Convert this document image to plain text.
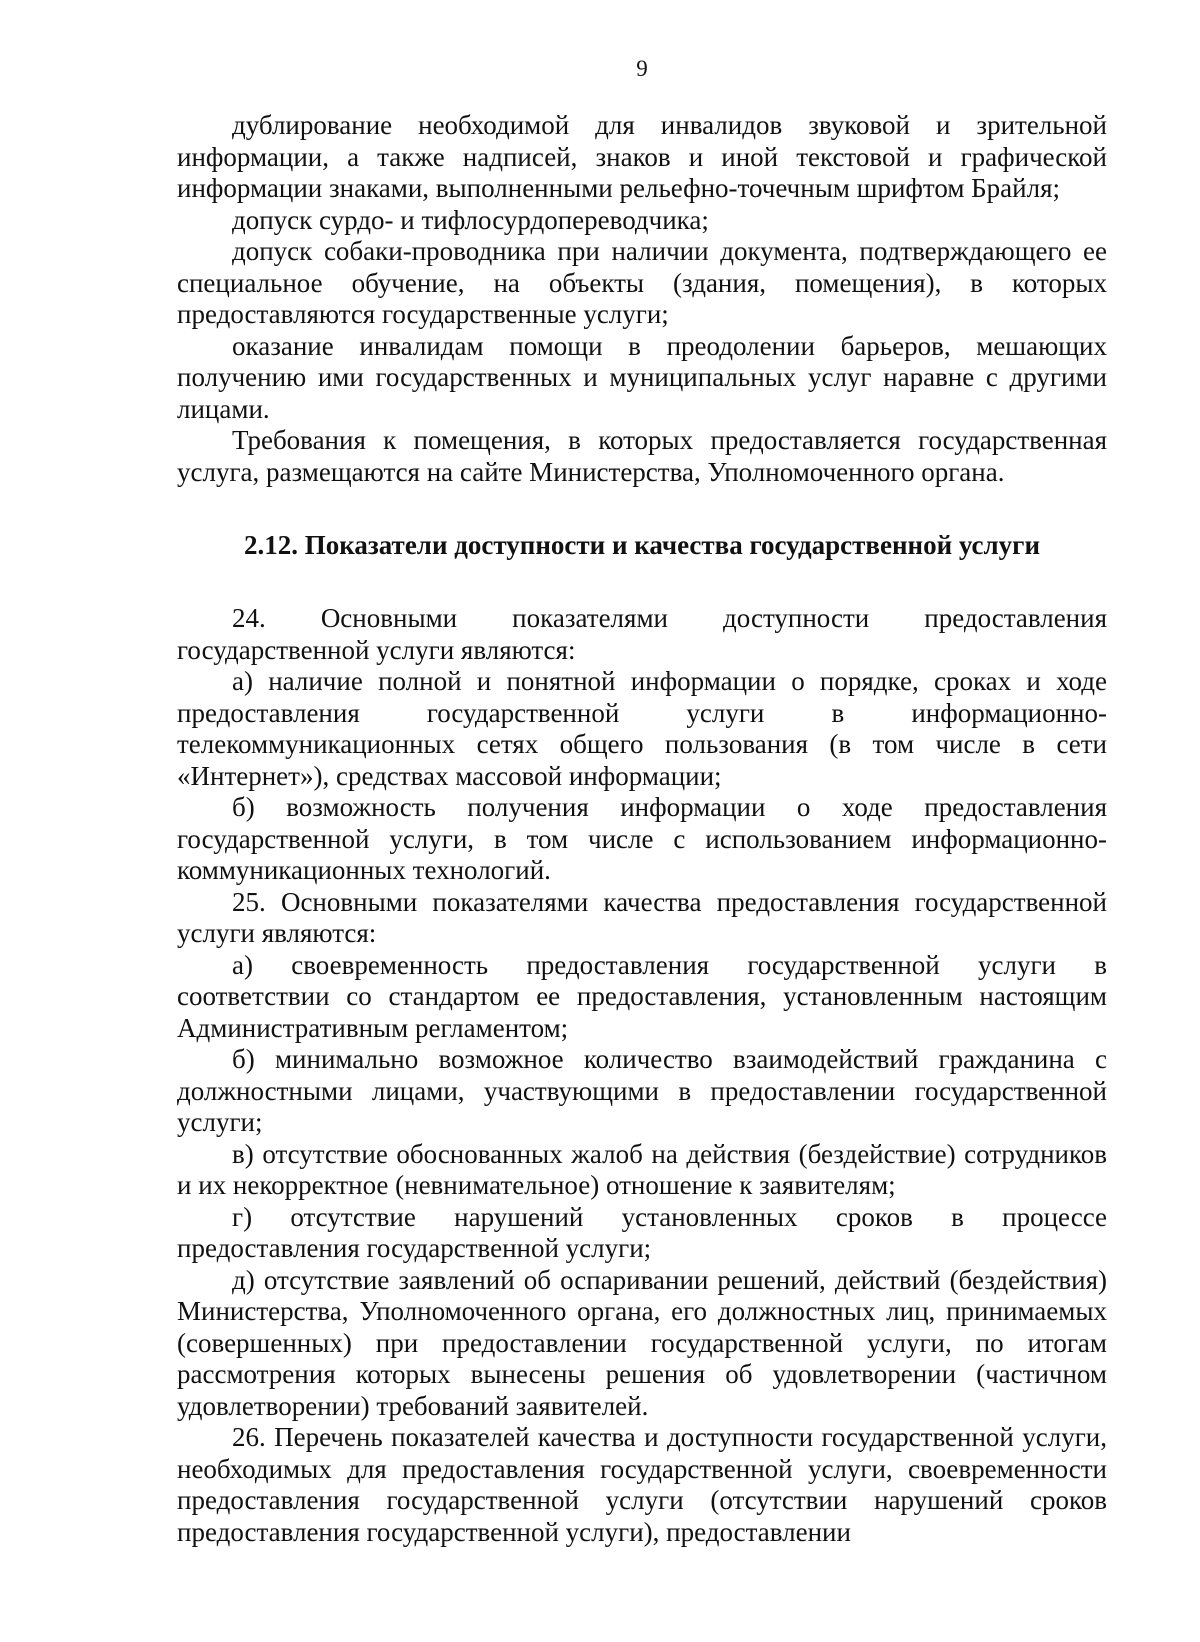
9

дублирование необходимой для инвалидов звуковой и зрительной информации, а также надписей, знаков и иной текстовой и графической информации знаками, выполненными рельефно-точечным шрифтом Брайля;

допуск сурдо- и тифлосурдопереводчика;

допуск собаки-проводника при наличии документа, подтверждающего ее специальное обучение, на объекты (здания, помещения), в которых предоставляются государственные услуги;

оказание инвалидам помощи в преодолении барьеров, мешающих получению ими государственных и муниципальных услуг наравне с другими лицами.

Требования к помещения, в которых предоставляется государственная услуга, размещаются на сайте Министерства, Уполномоченного органа.

2.12. Показатели доступности и качества государственной услуги

24. Основными показателями доступности предоставления государственной услуги являются:

а) наличие полной и понятной информации о порядке, сроках и ходе предоставления государственной услуги в информационно-телекоммуникационных сетях общего пользования (в том числе в сети «Интернет»), средствах массовой информации;

б) возможность получения информации о ходе предоставления государственной услуги, в том числе с использованием информационно-коммуникационных технологий.

25. Основными показателями качества предоставления государственной услуги являются:

а) своевременность предоставления государственной услуги в соответствии со стандартом ее предоставления, установленным настоящим Административным регламентом;

б) минимально возможное количество взаимодействий гражданина с должностными лицами, участвующими в предоставлении государственной услуги;

в) отсутствие обоснованных жалоб на действия (бездействие) сотрудников и их некорректное (невнимательное) отношение к заявителям;

г) отсутствие нарушений установленных сроков в процессе предоставления государственной услуги;

д) отсутствие заявлений об оспаривании решений, действий (бездействия) Министерства, Уполномоченного органа, его должностных лиц, принимаемых (совершенных) при предоставлении государственной услуги, по итогам рассмотрения которых вынесены решения об удовлетворении (частичном удовлетворении) требований заявителей.

26. Перечень показателей качества и доступности государственной услуги, необходимых для предоставления государственной услуги, своевременности предоставления государственной услуги (отсутствии нарушений сроков предоставления государственной услуги), предоставлении
